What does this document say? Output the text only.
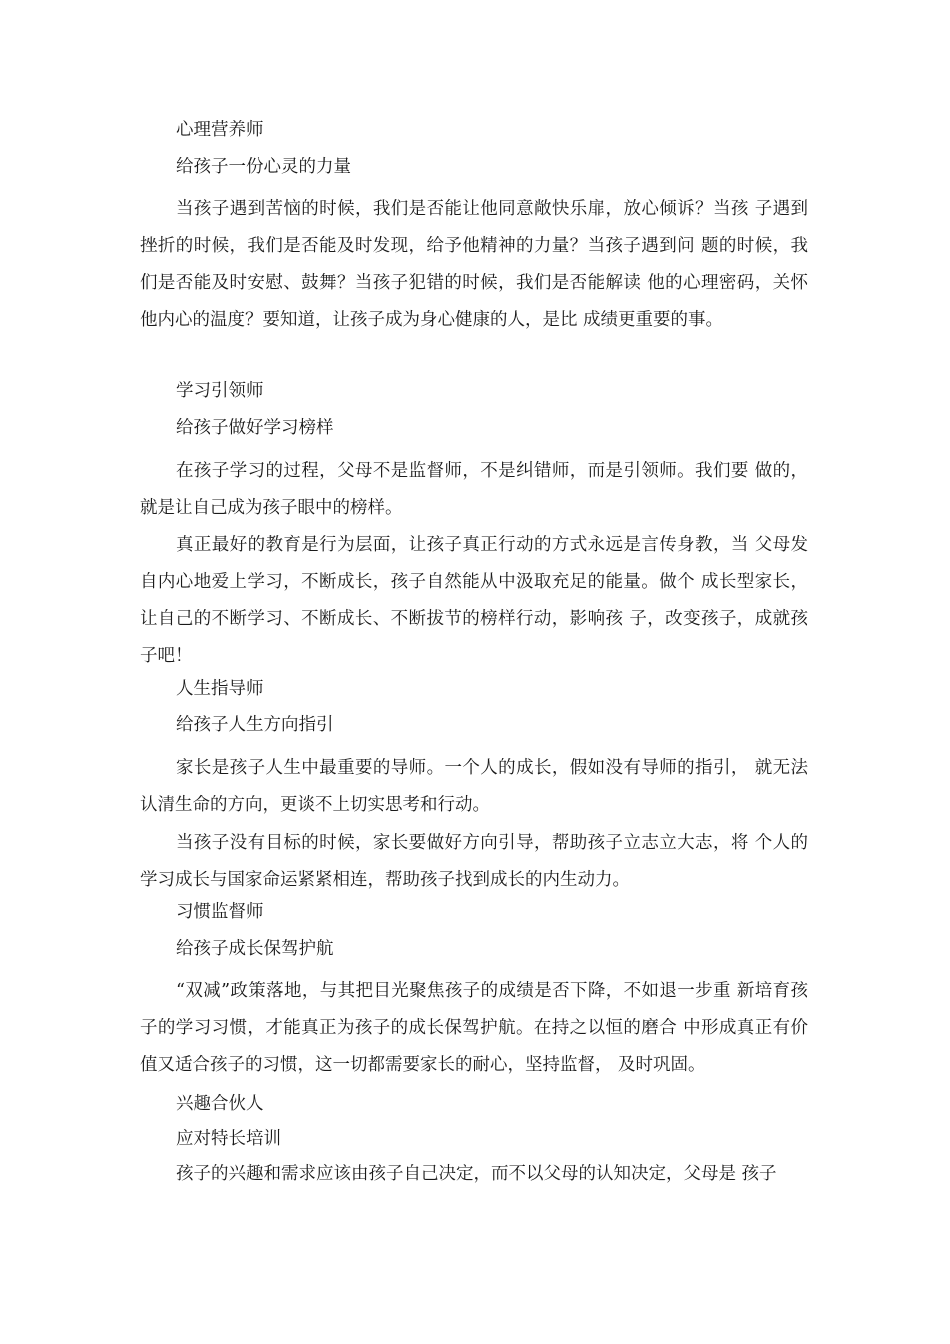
心理营养师
给孩子一份心灵的力量
当孩子遇到苦恼的时候，我们是否能让他同意敞快乐扉，放心倾诉？当孩 子遇到挫折的时候，我们是否能及时发现，给予他精神的力量？当孩子遇到问 题的时候，我们是否能及时安慰、鼓舞？当孩子犯错的时候，我们是否能解读 他的心理密码，关怀他内心的温度？要知道，让孩子成为身心健康的人，是比 成绩更重要的事。
学习引领师
给孩子做好学习榜样
在孩子学习的过程，父母不是监督师，不是纠错师，而是引领师。我们要 做的，就是让自己成为孩子眼中的榜样。
真正最好的教育是行为层面，让孩子真正行动的方式永远是言传身教，当 父母发自内心地爱上学习，不断成长，孩子自然能从中汲取充足的能量。做个 成长型家长，让自己的不断学习、不断成长、不断拔节的榜样行动，影响孩 子，改变孩子，成就孩子吧！
人生指导师
给孩子人生方向指引
家长是孩子人生中最重要的导师。一个人的成长，假如没有导师的指引， 就无法认清生命的方向，更谈不上切实思考和行动。
当孩子没有目标的时候，家长要做好方向引导，帮助孩子立志立大志，将 个人的学习成长与国家命运紧紧相连，帮助孩子找到成长的内生动力。
习惯监督师
给孩子成长保驾护航
“双减”政策落地，与其把目光聚焦孩子的成绩是否下降，不如退一步重 新培育孩子的学习习惯，才能真正为孩子的成长保驾护航。在持之以恒的磨合 中形成真正有价值又适合孩子的习惯，这一切都需要家长的耐心，坚持监督， 及时巩固。
兴趣合伙人
应对特长培训
孩子的兴趣和需求应该由孩子自己决定，而不以父母的认知决定，父母是 孩子
